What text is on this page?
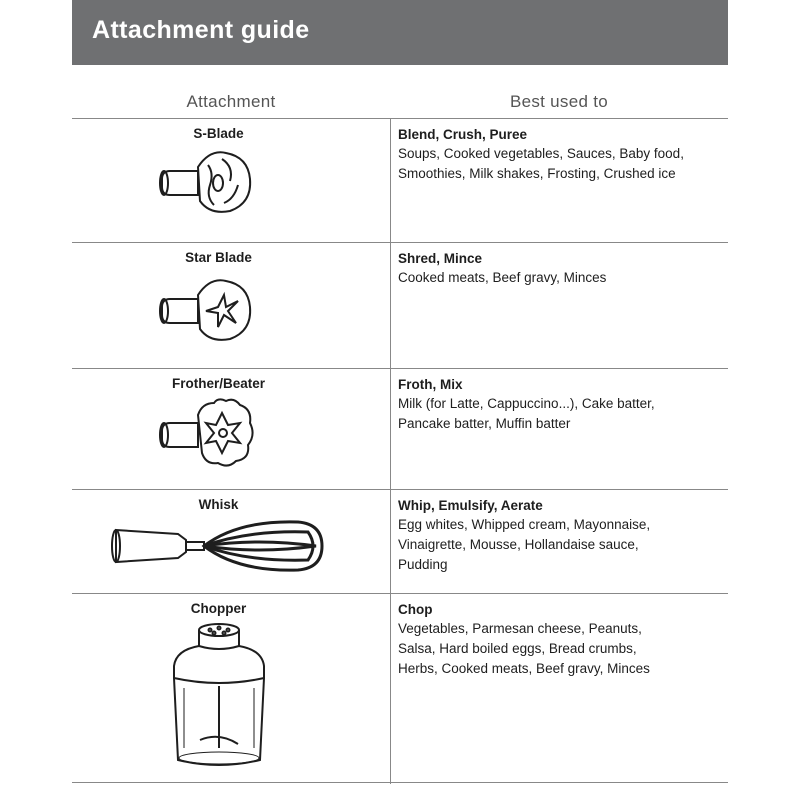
Attachment guide
Attachment	Best used to
S-Blade	Blend, Crush, Puree
Soups, Cooked vegetables, Sauces, Baby food,
Smoothies, Milk shakes, Frosting, Crushed ice
Star Blade	Shred, Mince
Cooked meats, Beef gravy, Minces
Frother/Beater	Froth, Mix
Milk (for Latte, Cappuccino...), Cake batter,
Pancake batter, Muffin batter
Whisk	Whip, Emulsify, Aerate
Egg whites, Whipped cream, Mayonnaise,
Vinaigrette, Mousse, Hollandaise sauce,
Pudding
Chopper	Chop
Vegetables, Parmesan cheese, Peanuts,
Salsa, Hard boiled eggs, Bread crumbs,
Herbs, Cooked meats, Beef gravy, Minces
